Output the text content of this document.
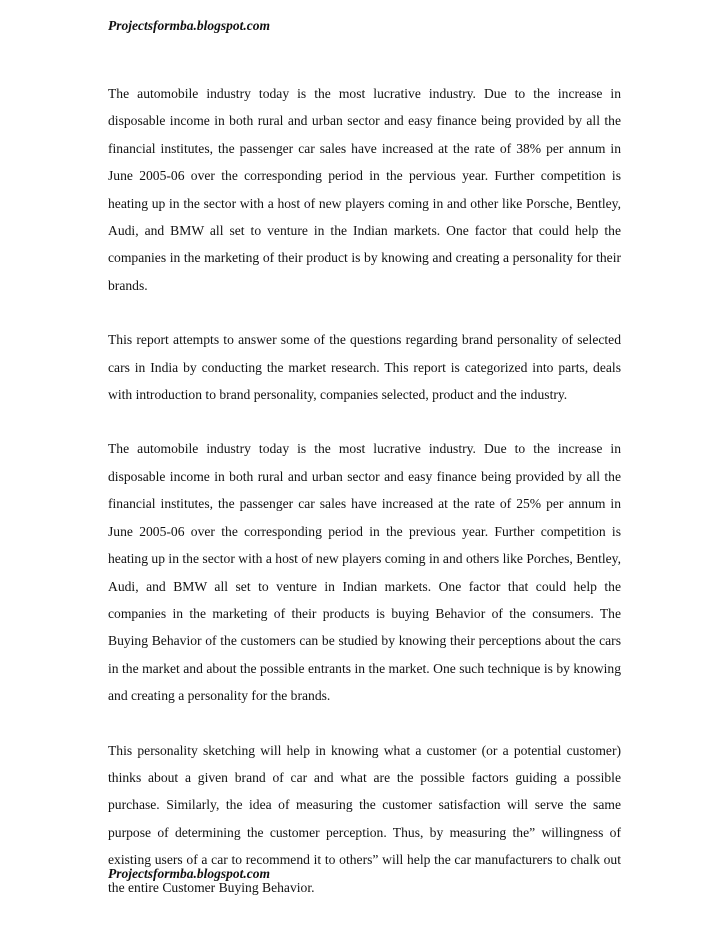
Projectsformba.blogspot.com

The automobile industry today is the most lucrative industry. Due to the increase in disposable income in both rural and urban sector and easy finance being provided by all the financial institutes, the passenger car sales have increased at the rate of 38% per annum in June 2005-06 over the corresponding period in the pervious year. Further competition is heating up in the sector with a host of new players coming in and other like Porsche, Bentley, Audi, and BMW all set to venture in the Indian markets. One factor that could help the companies in the marketing of their product is by knowing and creating a personality for their brands.

This report attempts to answer some of the questions regarding brand personality of selected cars in India by conducting the market research. This report is categorized into parts, deals with introduction to brand personality, companies selected, product and the industry.

The automobile industry today is the most lucrative industry. Due to the increase in disposable income in both rural and urban sector and easy finance being provided by all the financial institutes, the passenger car sales have increased at the rate of 25% per annum in June 2005-06 over the corresponding period in the previous year. Further competition is heating up in the sector with a host of new players coming in and others like Porches, Bentley, Audi, and BMW all set to venture in Indian markets. One factor that could help the companies in the marketing of their products is buying Behavior of the consumers. The Buying Behavior of the customers can be studied by knowing their perceptions about the cars in the market and about the possible entrants in the market. One such technique is by knowing and creating a personality for the brands.

This personality sketching will help in knowing what a customer (or a potential customer) thinks about a given brand of car and what are the possible factors guiding a possible purchase. Similarly, the idea of measuring the customer satisfaction will serve the same purpose of determining the customer perception. Thus, by measuring the” willingness of existing users of a car to recommend it to others” will help the car manufacturers to chalk out the entire Customer Buying Behavior.

Projectsformba.blogspot.com
